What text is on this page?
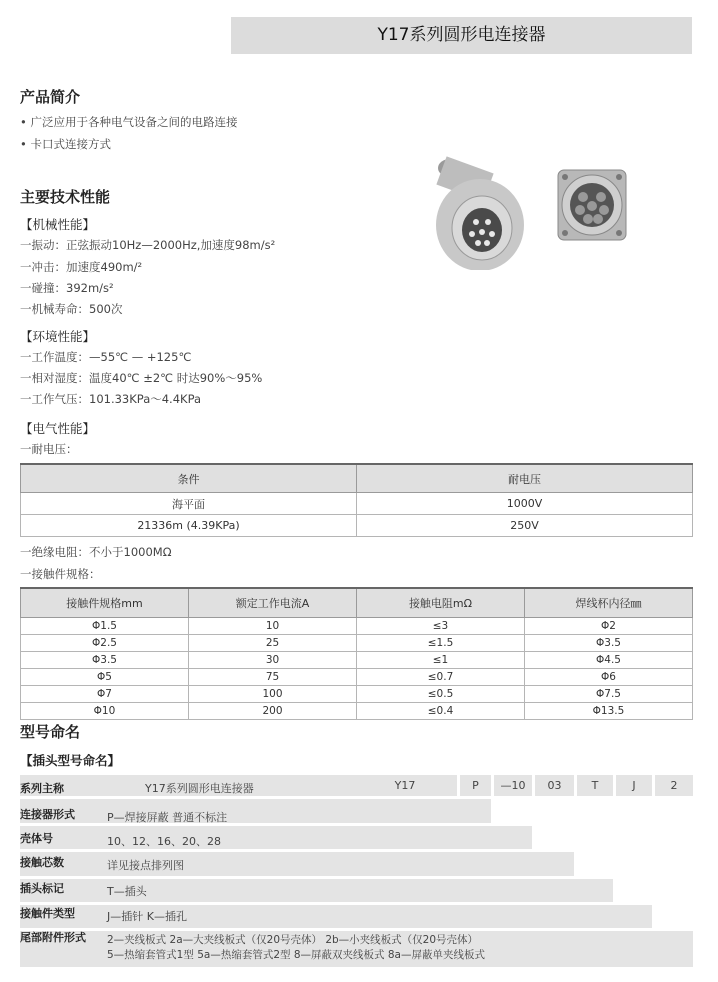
Y17系列圆形电连接器
产品简介
• 广泛应用于各种电气设备之间的电路连接
• 卡口式连接方式
主要技术性能
【机械性能】
一振动：正弦振动10Hz—2000Hz,加速度98m/s²
一冲击：加速度490m/²
一碰撞：392m/s²
一机械寿命：500次
【环境性能】
一工作温度：—55℃ — +125℃
一相对湿度：温度40℃ ±2℃ 时达90%～95%
一工作气压：101.33KPa～4.4KPa
【电气性能】
一耐电压：
条件	耐电压
海平面	1000V
21336m (4.39KPa)	250V
一绝缘电阻：不小于1000MΩ
一接触件规格：
接触件规格mm	额定工作电流A	接触电阻mΩ	焊线杯内径㎜
Φ1.5	10	≤3	Φ2
Φ2.5	25	≤1.5	Φ3.5
Φ3.5	30	≤1	Φ4.5
Φ5	75	≤0.7	Φ6
Φ7	100	≤0.5	Φ7.5
Φ10	200	≤0.4	Φ13.5
型号命名
【插头型号命名】
Y17	P	—10	03	T	J	2
系列主称	Y17系列圆形电连接器
连接器形式	P—焊接屏蔽 普通不标注
壳体号	10、12、16、20、28
接触芯数	详见接点排列图
插头标记	T—插头
接触件类型	J—插针 K—插孔
尾部附件形式 2—夹线板式 2a—大夹线板式（仅20号壳体） 2b—小夹线板式（仅20号壳体）
5—热缩套管式1型 5a—热缩套管式2型 8—屏蔽双夹线板式 8a—屏蔽单夹线板式
